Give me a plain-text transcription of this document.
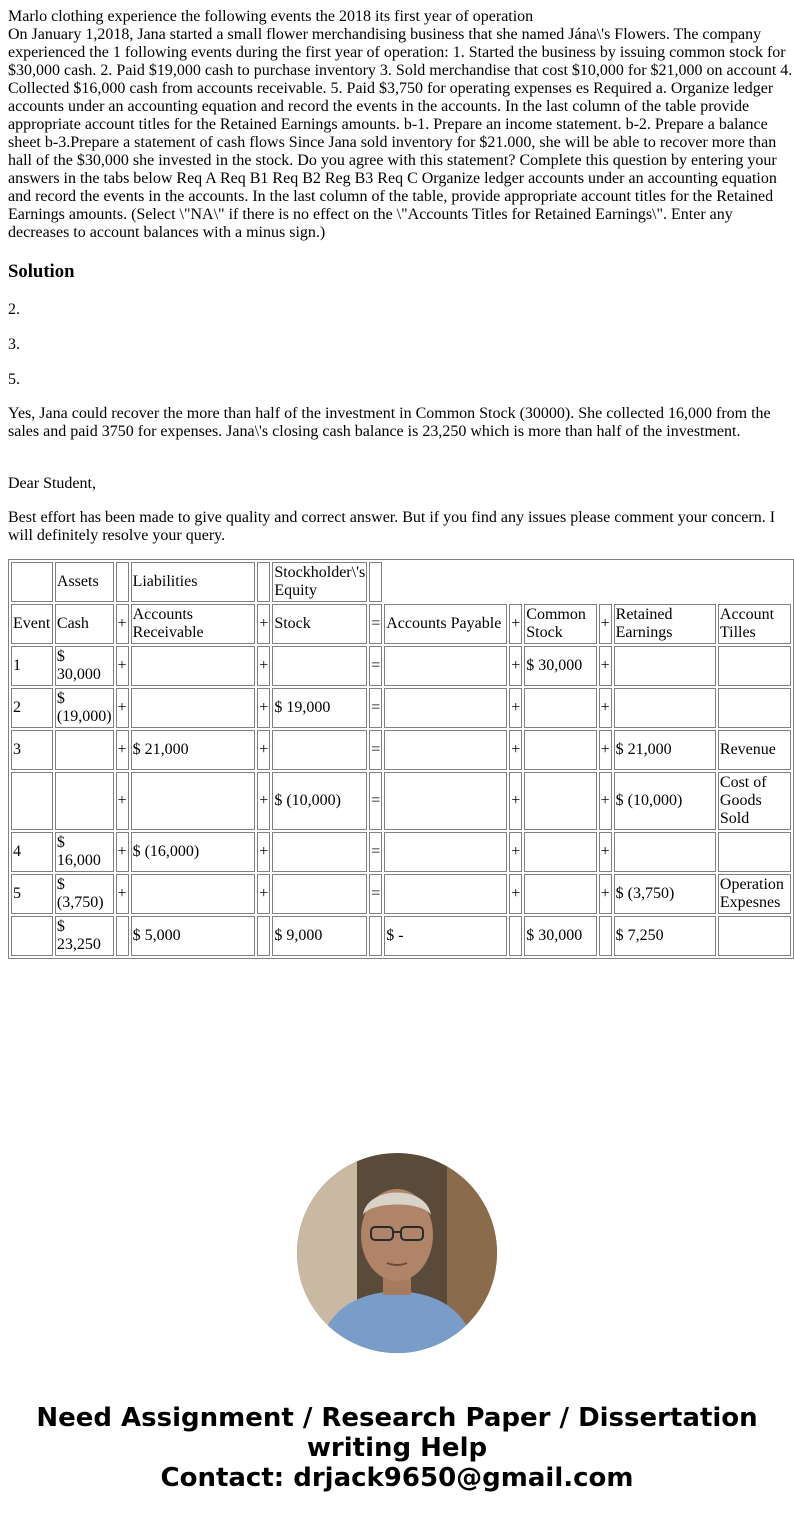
Marlo clothing experience the following events the 2018 its first year of operation
On January 1,2018, Jana started a small flower merchandising business that she named Jána\'s Flowers. The company experienced the 1 following events during the first year of operation: 1. Started the business by issuing common stock for $30,000 cash. 2. Paid $19,000 cash to purchase inventory 3. Sold merchandise that cost $10,000 for $21,000 on account 4. Collected $16,000 cash from accounts receivable. 5. Paid $3,750 for operating expenses es Required a. Organize ledger accounts under an accounting equation and record the events in the accounts. In the last column of the table provide appropriate account titles for the Retained Earnings amounts. b-1. Prepare an income statement. b-2. Prepare a balance sheet b-3.Prepare a statement of cash flows Since Jana sold inventory for $21.000, she will be able to recover more than hall of the $30,000 she invested in the stock. Do you agree with this statement? Complete this question by entering your answers in the tabs below Req A Req B1 Req B2 Reg B3 Req C Organize ledger accounts under an accounting equation and record the events in the accounts. In the last column of the table, provide appropriate account titles for the Retained Earnings amounts. (Select \"NA\" if there is no effect on the \"Accounts Titles for Retained Earnings\". Enter any decreases to account balances with a minus sign.)
Solution

2.

3.

5.

Yes, Jana could recover the more than half of the investment in Common Stock (30000). She collected 16,000 from the sales and paid 3750 for expenses. Jana\'s closing cash balance is 23,250 which is more than half of the investment.

Dear Student,

Best effort has been made to give quality and correct answer. But if you find any issues please comment your concern. I will definitely resolve your query.

	Assets		Liabilities		Stockholder\'s Equity							
Event	Cash	+	Accounts Receivable	+	Stock	=	Accounts Payable	+	Common Stock	+	Retained Earnings	Account Tilles
1	$ 30,000	+		+		=		+	$ 30,000	+		
2	$ (19,000)	+		+	$ 19,000	=		+		+		
3		+	$ 21,000	+		=		+		+	$ 21,000	Revenue
		+		+	$ (10,000)	=		+		+	$ (10,000)	Cost of Goods Sold
4	$ 16,000	+	$ (16,000)	+		=		+		+		
5	$ (3,750)	+		+		=		+		+	$ (3,750)	Operation Expesnes
	$ 23,250		$ 5,000		$ 9,000		$ -		$ 30,000		$ 7,250	
Need Assignment / Research Paper / Dissertation
writing Help
Contact: drjack9650@gmail.com
